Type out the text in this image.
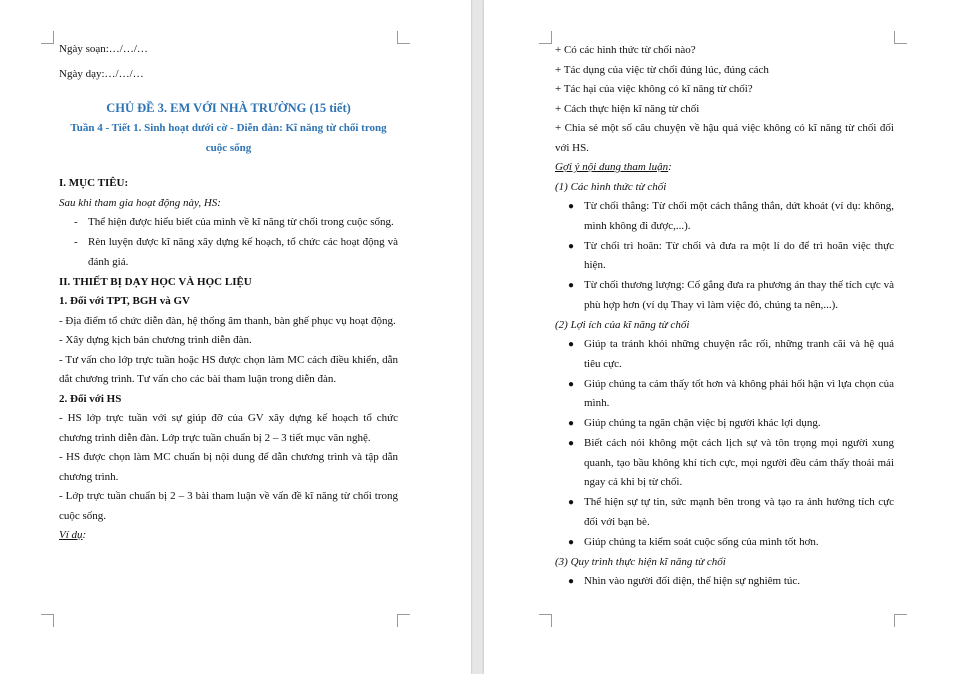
Ngày soạn:…/…/…

Ngày dạy:…/…/…

CHỦ ĐỀ 3. EM VỚI NHÀ TRƯỜNG (15 tiết)

Tuần 4 - Tiết 1. Sinh hoạt dưới cờ - Diễn đàn: Kĩ năng từ chối trong cuộc sống

I. MỤC TIÊU:

Sau khi tham gia hoạt động này, HS:

- Thể hiện được hiểu biết của mình về kĩ năng từ chối trong cuộc sống.
- Rèn luyện được kĩ năng xây dựng kế hoạch, tổ chức các hoạt động và đánh giá.

II. THIẾT BỊ DẠY HỌC VÀ HỌC LIỆU

1. Đối với TPT, BGH và GV

- Địa điểm tổ chức diễn đàn, hệ thống âm thanh, bàn ghế phục vụ hoạt động.

- Xây dựng kịch bản chương trình diễn đàn.

- Tư vấn cho lớp trực tuần hoặc HS được chọn làm MC cách điều khiển, dẫn dắt chương trình. Tư vấn cho các bài tham luận trong diễn đàn.

2. Đối với HS

- HS lớp trực tuần với sự giúp đỡ của GV xây dựng kế hoạch tổ chức chương trình diễn đàn. Lớp trực tuần chuẩn bị 2 – 3 tiết mục văn nghệ.

- HS được chọn làm MC chuẩn bị nội dung để dẫn chương trình và tập dẫn chương trình.

- Lớp trực tuần chuẩn bị 2 – 3 bài tham luận về vấn đề kĩ năng từ chối trong cuộc sống.

Ví dụ:

+ Có các hình thức từ chối nào?

+ Tác dụng của việc từ chối đúng lúc, đúng cách

+ Tác hại của việc không có kĩ năng từ chối?

+ Cách thực hiện kĩ năng từ chối

+ Chia sẻ một số câu chuyện về hậu quả việc không có kĩ năng từ chối đối với HS.

Gợi ý nội dung tham luận:

(1) Các hình thức từ chối

● Từ chối thẳng: Từ chối một cách thẳng thắn, dứt khoát (ví dụ: không, mình không đi được,...).
● Từ chối trì hoãn: Từ chối và đưa ra một lí do để trì hoãn việc thực hiện.
● Từ chối thương lượng: Cố gắng đưa ra phương án thay thế tích cực và phù hợp hơn (ví dụ Thay vì làm việc đó, chúng ta nên,...).

(2) Lợi ích của kĩ năng từ chối

● Giúp ta tránh khỏi những chuyện rắc rối, những tranh cãi và hệ quả tiêu cực.
● Giúp chúng ta cảm thấy tốt hơn và không phải hối hận vì lựa chọn của mình.
● Giúp chúng ta ngăn chặn việc bị người khác lợi dụng.
● Biết cách nói không một cách lịch sự và tôn trọng mọi người xung quanh, tạo bầu không khí tích cực, mọi người đều cảm thấy thoải mái ngay cả khi bị từ chối.
● Thể hiện sự tự tin, sức mạnh bên trong và tạo ra ảnh hưởng tích cực đối với bạn bè.
● Giúp chúng ta kiểm soát cuộc sống của mình tốt hơn.

(3) Quy trình thực hiện kĩ năng từ chối

● Nhìn vào người đối diện, thể hiện sự nghiêm túc.
